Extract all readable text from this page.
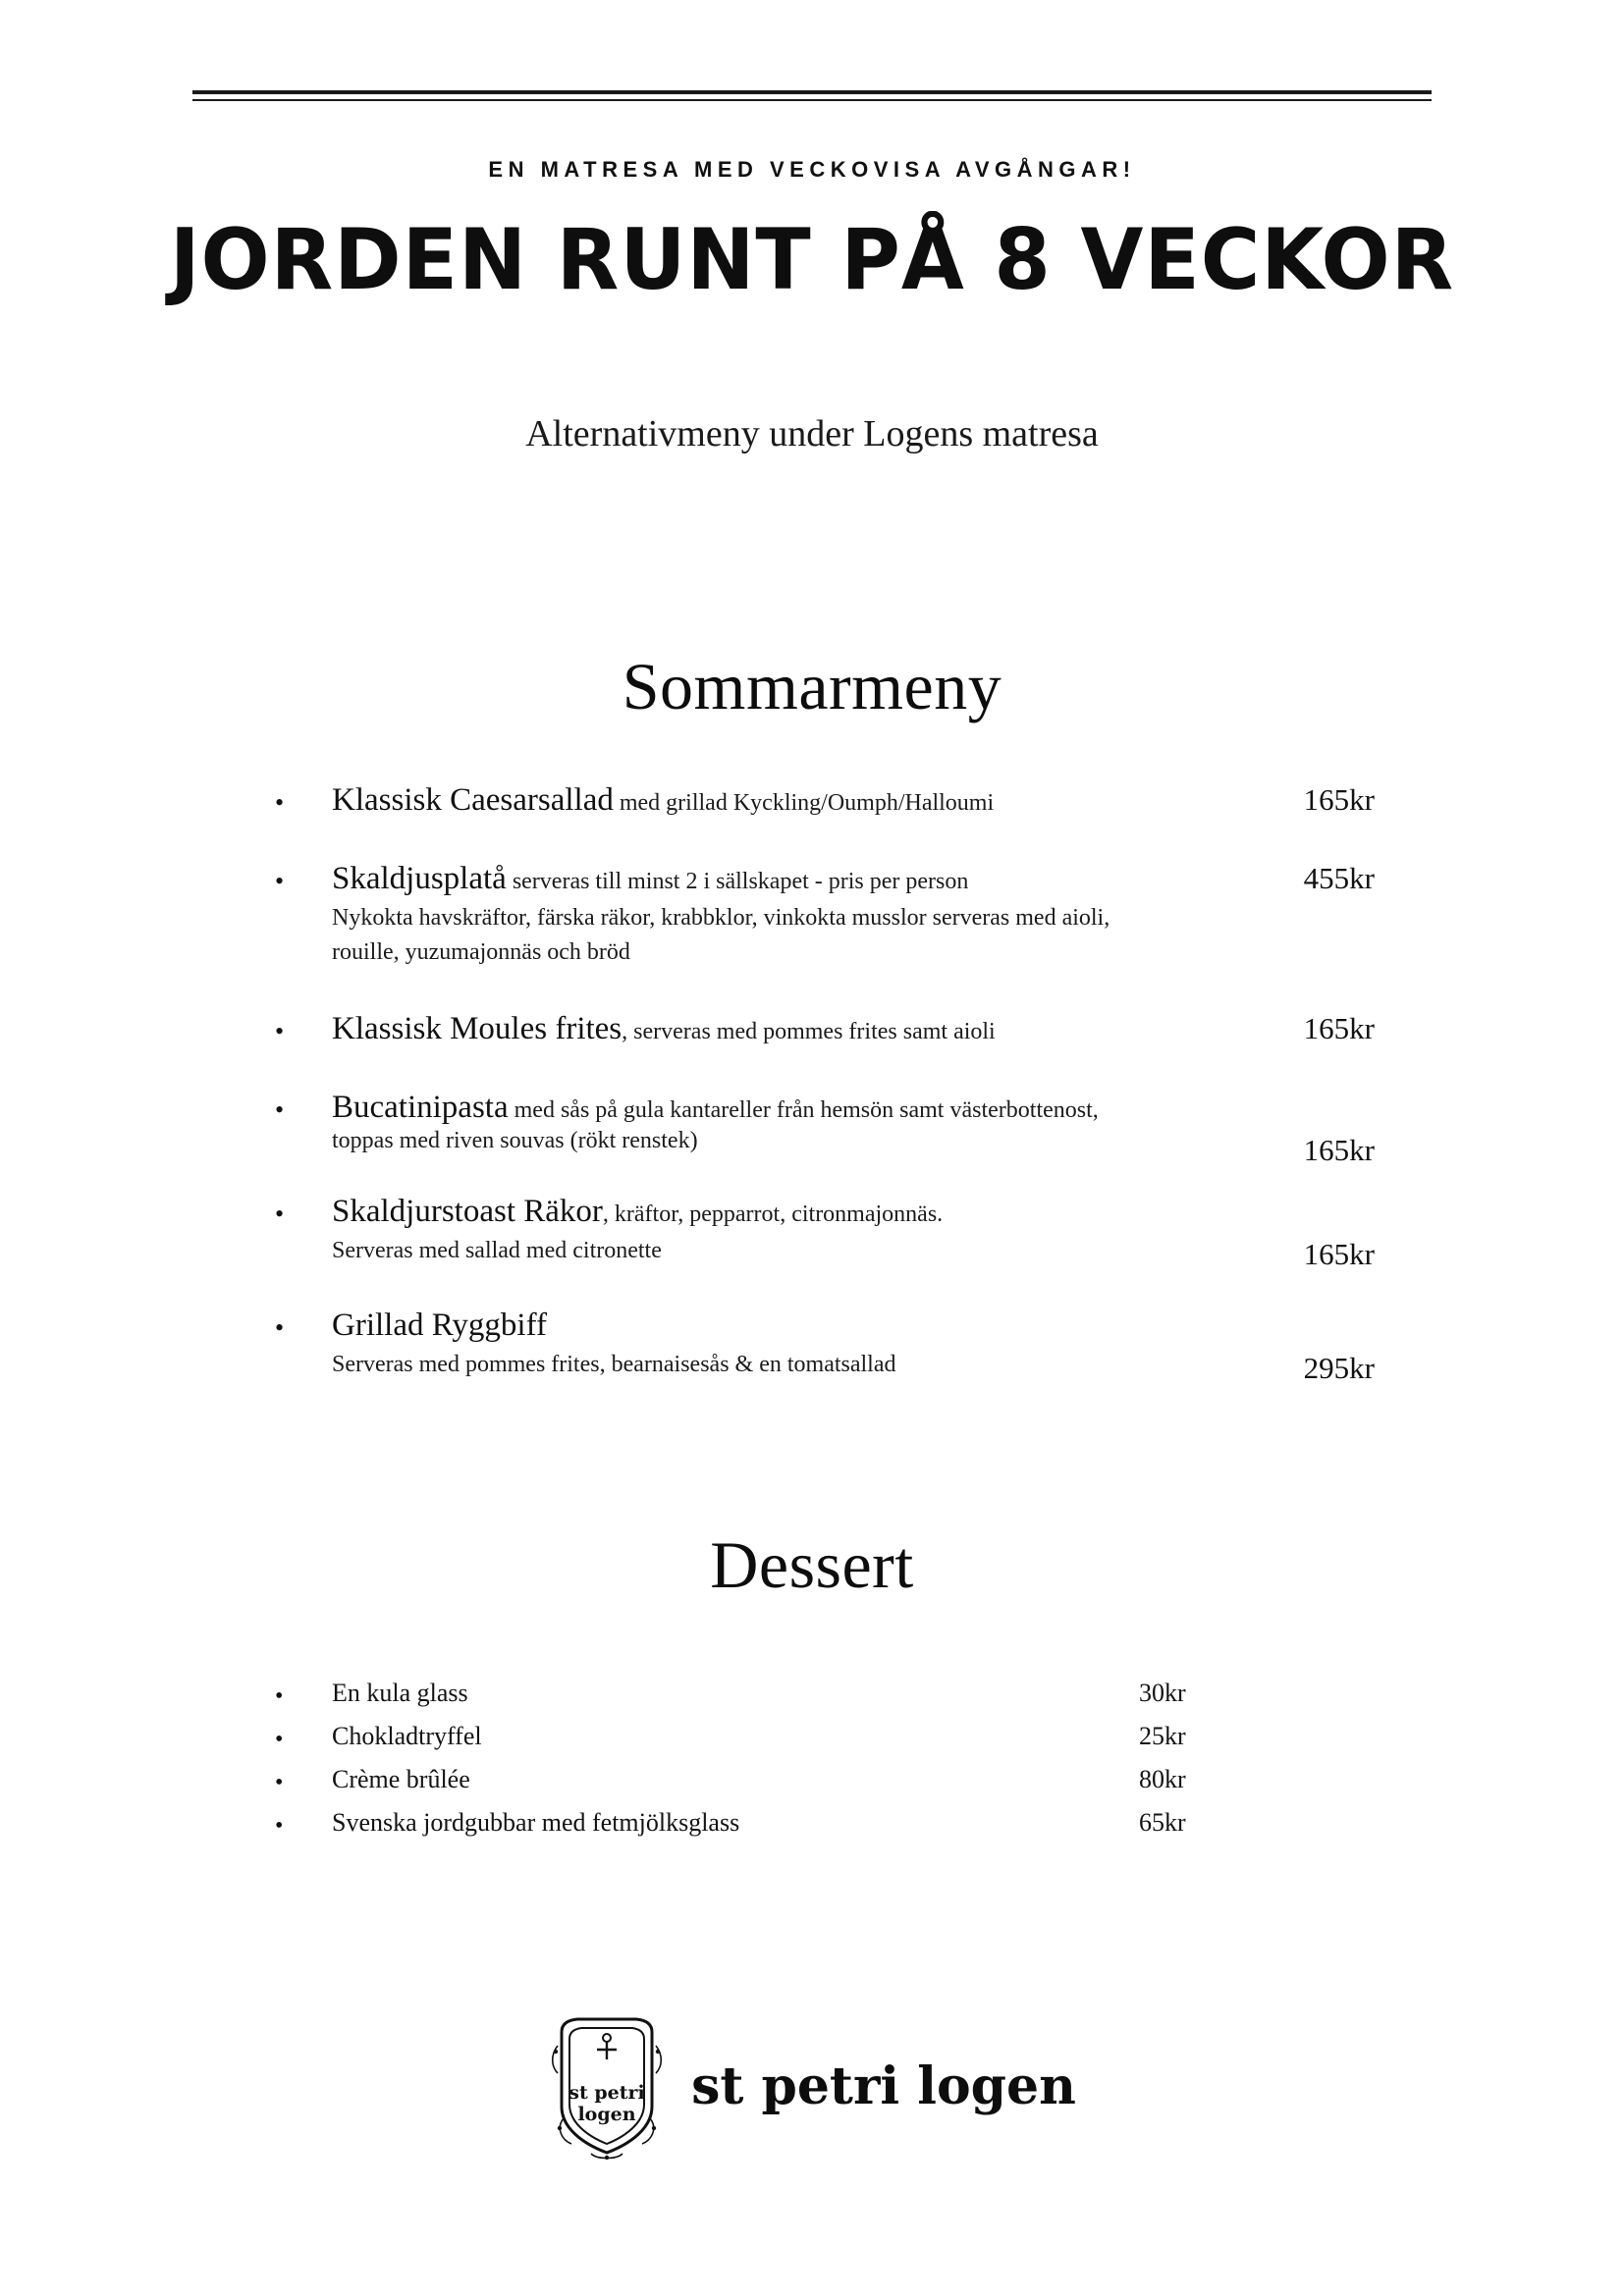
EN MATRESA MED VECKOVISA AVGÅNGAR!
JORDEN RUNT PÅ 8 VECKOR
Alternativmeny under Logens matresa
Sommarmeny
• Klassisk Caesarsallad med grillad Kyckling/Oumph/Halloumi	165kr
• Skaldjusplatå serveras till minst 2 i sällskapet - pris per person
Nykokta havskräftor, färska räkor, krabbklor, vinkokta musslor serveras med aioli, rouille, yuzumajonnäs och bröd
455kr
• Klassisk Moules frites, serveras med pommes frites samt aioli	165kr
• Bucatinipasta med sås på gula kantareller från hemsön samt västerbottenost, toppas med riven souvas (rökt renstek)	165kr
• Skaldjurstoast Räkor, kräftor, pepparrot, citronmajonnäs.
Serveras med sallad med citronette	165kr
• Grillad Ryggbiff
Serveras med pommes frites, bearnaisesås & en tomatsallad	295kr
Dessert
• En kula glass	30kr
• Chokladtryffel	25kr
• Crème brûlée	80kr
• Svenska jordgubbar med fetmjölksglass	65kr
st petri
logen st petri logen
